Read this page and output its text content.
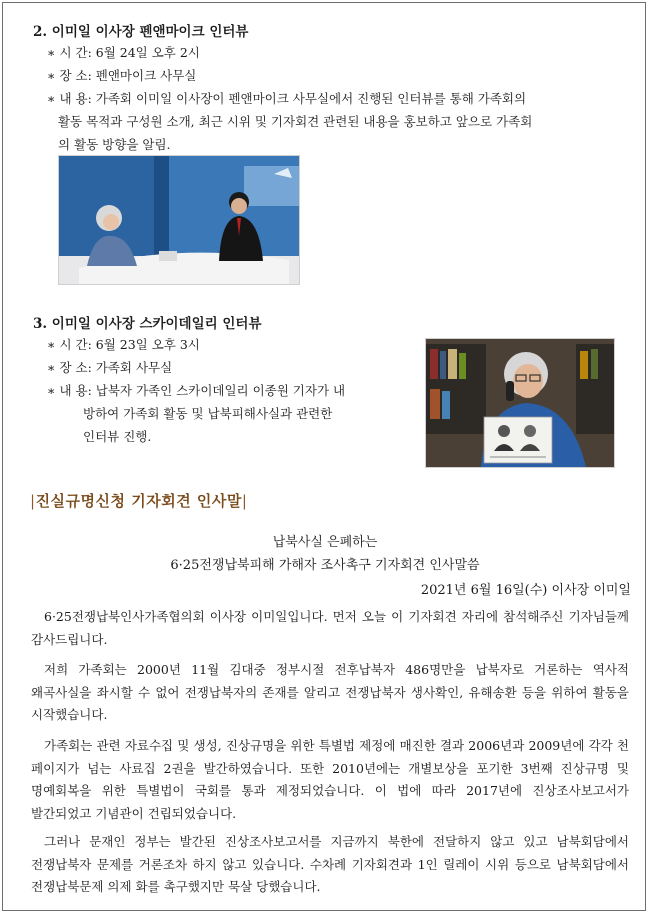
2. 이미일 이사장 펜앤마이크 인터뷰
∗ 시 간: 6월 24일 오후 2시
∗ 장 소: 펜앤마이크 사무실
∗ 내 용: 가족회 이미일 이사장이 펜앤마이크 사무실에서 진행된 인터뷰를 통해 가족회의
활동 목적과 구성원 소개, 최근 시위 및 기자회견 관련된 내용을 홍보하고 앞으로 가족회
의 활동 방향을 알림.
3. 이미일 이사장 스카이데일리 인터뷰
∗ 시 간: 6월 23일 오후 3시
∗ 장 소: 가족회 사무실
∗ 내 용: 납북자 가족인 스카이데일리 이종원 기자가 내
방하여 가족회 활동 및 납북피해사실과 관련한
인터뷰 진행.
|진실규명신청 기자회견 인사말|
납북사실 은폐하는
6·25전쟁납북피해 가해자 조사촉구 기자회견 인사말씀
2021년 6월 16일(수) 이사장 이미일
6·25전쟁납북인사가족협의회 이사장 이미일입니다. 먼저 오늘 이 기자회견 자리에 참석해주신 기자님들께 감사드립니다.
저희 가족회는 2000년 11월 김대중 정부시절 전후납북자 486명만을 납북자로 거론하는 역사적 왜곡사실을 좌시할 수 없어 전쟁납북자의 존재를 알리고 전쟁납북자 생사확인, 유해송환 등을 위하여 활동을 시작했습니다.
가족회는 관련 자료수집 및 생성, 진상규명을 위한 특별법 제정에 매진한 결과 2006년과 2009년에 각각 천 페이지가 넘는 사료집 2권을 발간하였습니다. 또한 2010년에는 개별보상을 포기한 3번째 진상규명 및 명예회복을 위한 특별법이 국회를 통과 제정되었습니다. 이 법에 따라 2017년에 진상조사보고서가 발간되었고 기념관이 건립되었습니다.
그러나 문재인 정부는 발간된 진상조사보고서를 지금까지 북한에 전달하지 않고 있고 남북회담에서 전쟁납북자 문제를 거론조차 하지 않고 있습니다. 수차례 기자회견과 1인 릴레이 시위 등으로 남북회담에서 전쟁납북문제 의제 화를 촉구했지만 묵살 당했습니다.
